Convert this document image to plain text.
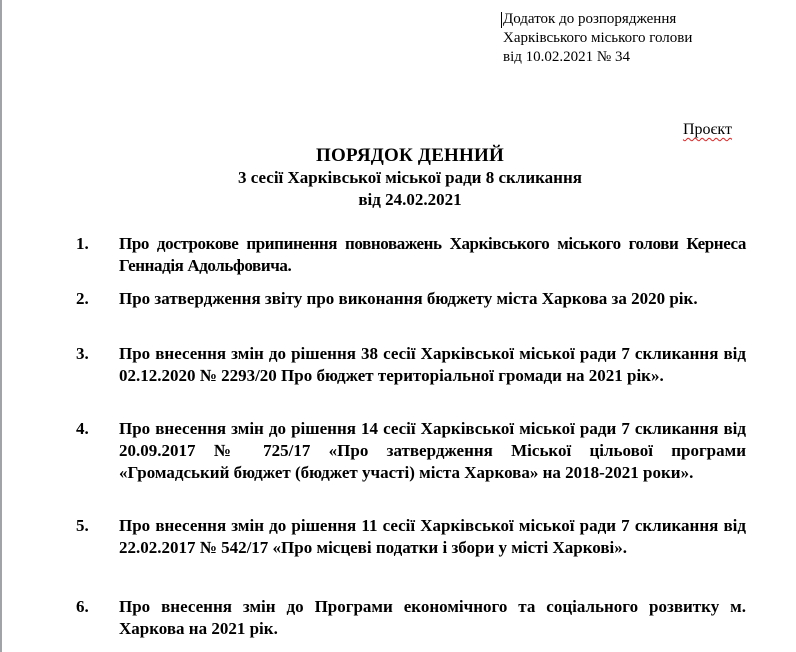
Додаток до розпорядження
Харківського міського голови
від 10.02.2021 № 34
Проєкт
ПОРЯДОК ДЕННИЙ
3 сесії Харківської міської ради 8 скликання
від 24.02.2021
1.	Про дострокове припинення повноважень Харківського міського голови Кернеса Геннадія Адольфовича.
2.	Про затвердження звіту про виконання бюджету міста Харкова за 2020 рік.
3.	Про внесення змін до рішення 38 сесії Харківської міської ради 7 скликання від 02.12.2020 № 2293/20 Про бюджет територіальної громади на 2021 рік».
4.	Про внесення змін до рішення 14 сесії Харківської міської ради 7 скликання від 20.09.2017 № 725/17 «Про затвердження Міської цільової програми «Громадський бюджет (бюджет участі) міста Харкова» на 2018-2021 роки».
5.	Про внесення змін до рішення 11 сесії Харківської міської ради 7 скликання від 22.02.2017 № 542/17 «Про місцеві податки і збори у місті Харкові».
6.	Про внесення змін до Програми економічного та соціального розвитку м. Харкова на 2021 рік.
